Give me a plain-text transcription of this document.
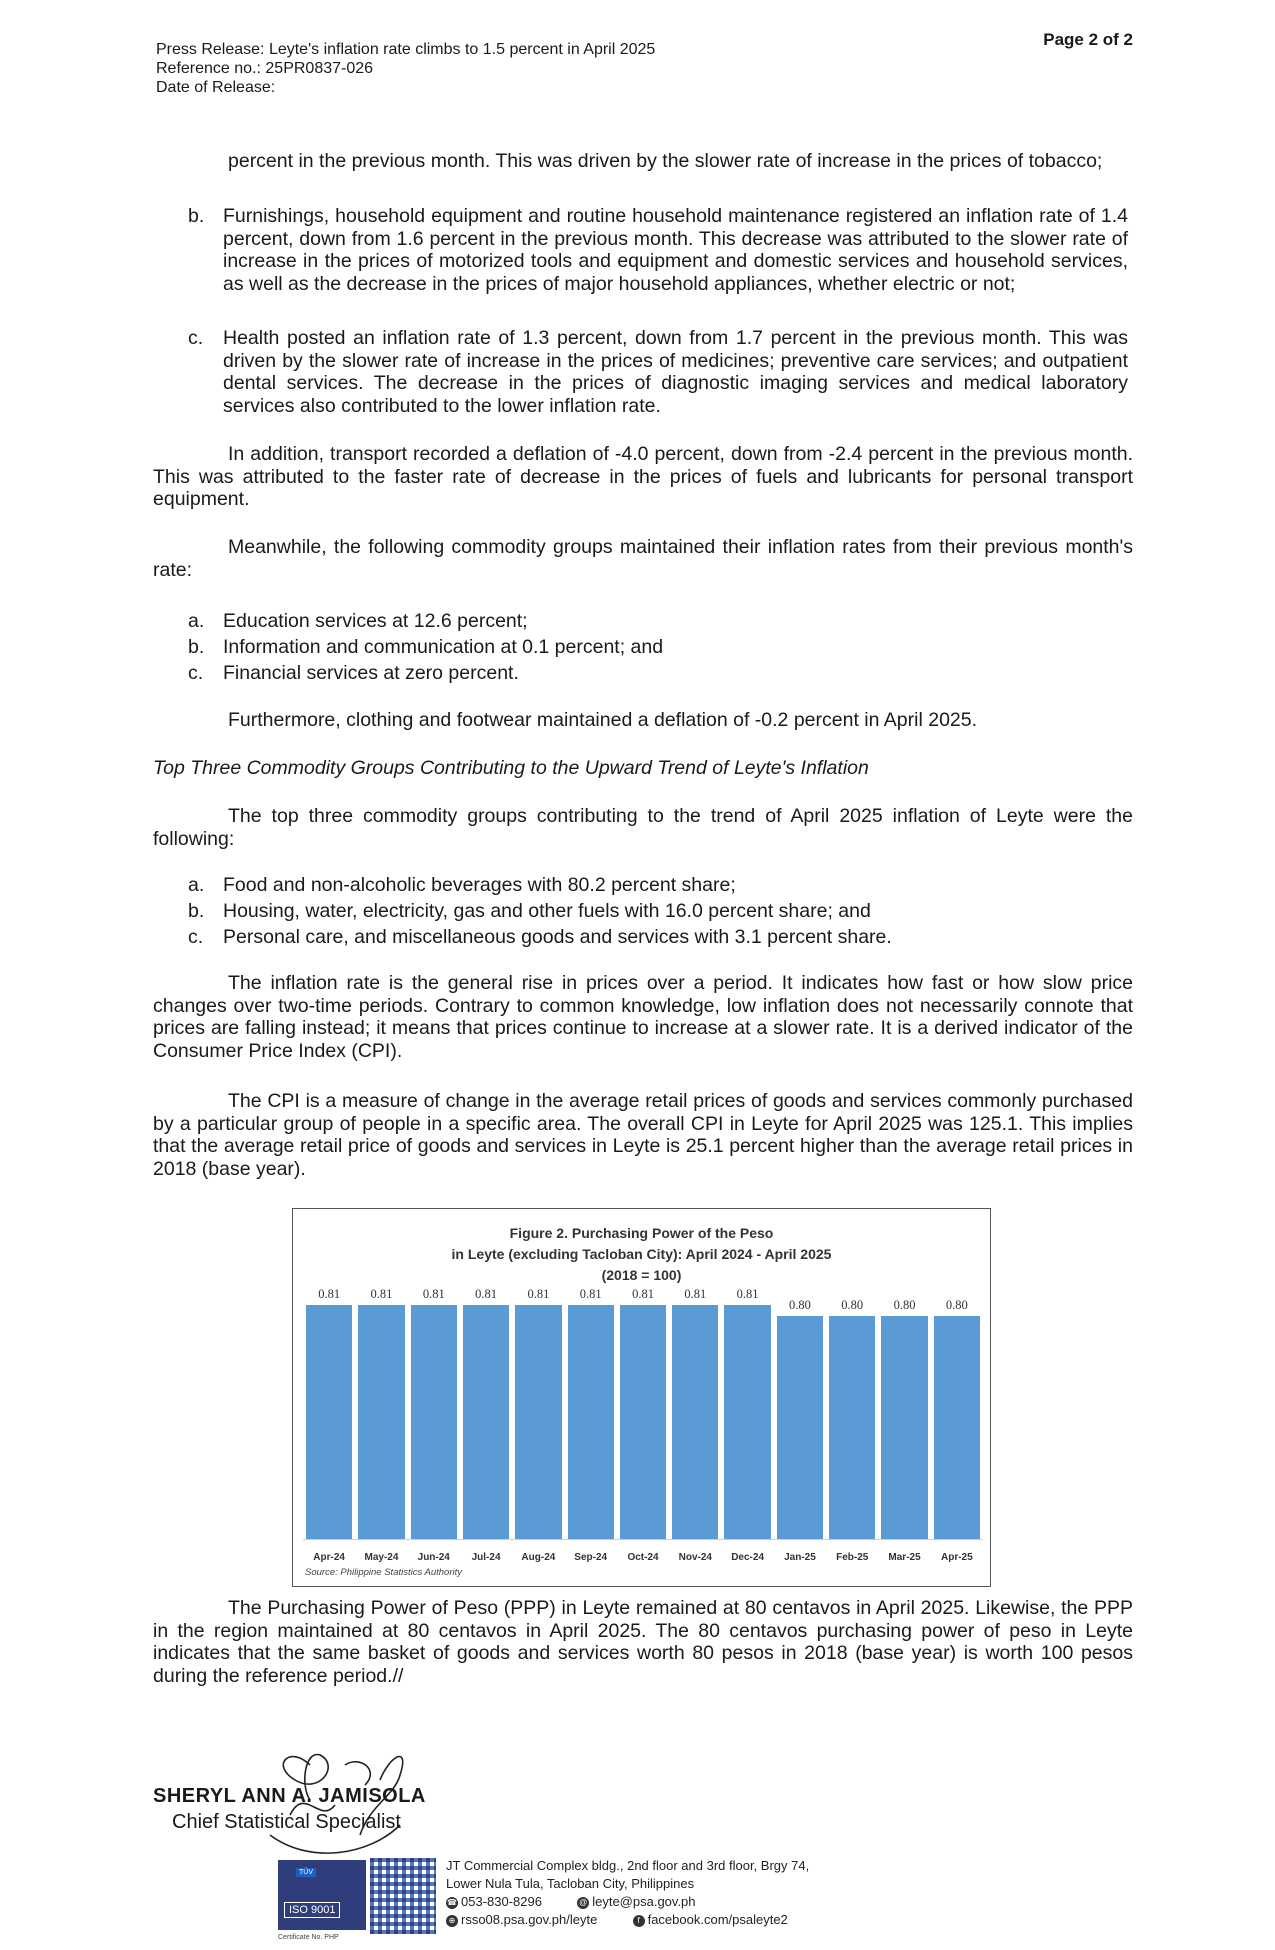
Press Release: Leyte's inflation rate climbs to 1.5 percent in April 2025
Reference no.: 25PR0837-026
Date of Release:
Page 2 of 2
percent in the previous month. This was driven by the slower rate of increase in the prices of tobacco;
b. Furnishings, household equipment and routine household maintenance registered an inflation rate of 1.4 percent, down from 1.6 percent in the previous month. This decrease was attributed to the slower rate of increase in the prices of motorized tools and equipment and domestic services and household services, as well as the decrease in the prices of major household appliances, whether electric or not;
c.	Health posted an inflation rate of 1.3 percent, down from 1.7 percent in the previous month. This was driven by the slower rate of increase in the prices of medicines; preventive care services; and outpatient dental services. The decrease in the prices of diagnostic imaging services and medical laboratory services also contributed to the lower inflation rate.
In addition, transport recorded a deflation of -4.0 percent, down from -2.4 percent in the previous month. This was attributed to the faster rate of decrease in the prices of fuels and lubricants for personal transport equipment.
Meanwhile, the following commodity groups maintained their inflation rates from their previous month's rate:
a. Education services at 12.6 percent;
b. Information and communication at 0.1 percent; and
c.	Financial services at zero percent.
Furthermore, clothing and footwear maintained a deflation of -0.2 percent in April 2025.
Top Three Commodity Groups Contributing to the Upward Trend of Leyte's Inflation
The top three commodity groups contributing to the trend of April 2025 inflation of Leyte were the following:
a. Food and non-alcoholic beverages with 80.2 percent share;
b. Housing, water, electricity, gas and other fuels with 16.0 percent share; and
c.	Personal care, and miscellaneous goods and services with 3.1 percent share.
The inflation rate is the general rise in prices over a period. It indicates how fast or how slow price changes over two-time periods. Contrary to common knowledge, low inflation does not necessarily connote that prices are falling instead; it means that prices continue to increase at a slower rate. It is a derived indicator of the Consumer Price Index (CPI).
The CPI is a measure of change in the average retail prices of goods and services commonly purchased by a particular group of people in a specific area. The overall CPI in Leyte for April 2025 was 125.1. This implies that the average retail price of goods and services in Leyte is 25.1 percent higher than the average retail prices in 2018 (base year).
Figure 2. Purchasing Power of the Peso
in Leyte (excluding Tacloban City): April 2024 - April 2025
(2018 = 100)
Source: Philippine Statistics Authority
0.81
Apr-24
0.81
May-24
0.81
Jun-24
0.81
Jul-24
0.81
Aug-24
0.81
Sep-24
0.81
Oct-24
0.81
Nov-24
0.81
Dec-24
0.80
Jan-25
0.80
Feb-25
0.80
Mar-25
0.80
Apr-25
The Purchasing Power of Peso (PPP) in Leyte remained at 80 centavos in April 2025. Likewise, the PPP in the region maintained at 80 centavos in April 2025. The 80 centavos purchasing power of peso in Leyte indicates that the same basket of goods and services worth 80 pesos in 2018 (base year) is worth 100 pesos during the reference period.//
SHERYL ANN A. JAMISOLA
Chief Statistical Specialist
TÜV
ISO 9001
Certificate No. PHP
JT Commercial Complex bldg., 2nd floor and 3rd floor, Brgy 74,
Lower Nula Tula, Tacloban City, Philippines
☎ 053-830-8296	@ leyte@psa.gov.ph
⊕ rsso08.psa.gov.ph/leyte	f facebook.com/psaleyte2
